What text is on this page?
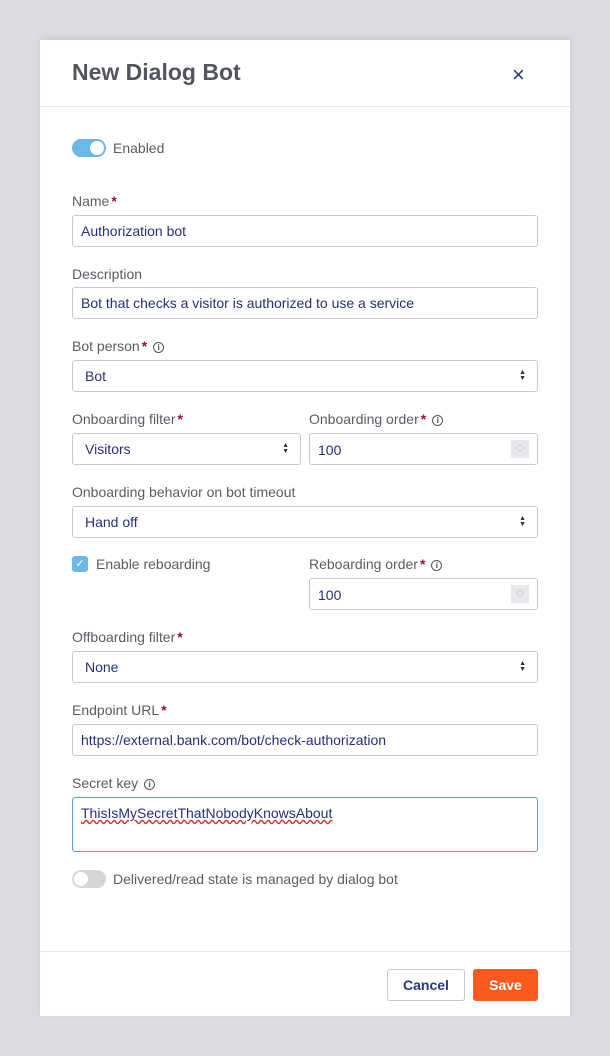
New Dialog Bot	×
Enabled
Name *
Authorization bot
Description
Bot that checks a visitor is authorized to use a service
Bot person * i
Bot	▲
▼
Onboarding filter *
Visitors	▲
▼
Onboarding order * i
100	︿
﹀
Onboarding behavior on bot timeout
Hand off	▲
▼
✓ Enable reboarding	Reboarding order * i
100	︿
﹀
Offboarding filter *
None	▲
▼
Endpoint URL *
https://external.bank.com/bot/check-authorization
Secret key i
ThisIsMySecretThatNobodyKnowsAbout
Delivered/read state is managed by dialog bot
Cancel	Save
